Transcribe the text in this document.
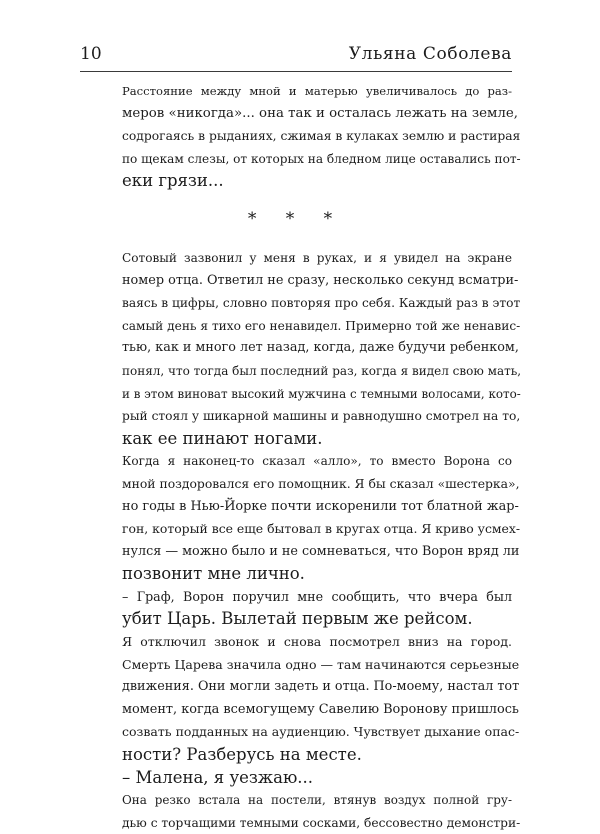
10	Ульяна Соболева

Расстояние между мной и матерью увеличивалось до раз-
меров «никогда»... она так и осталась лежать на земле,
содрогаясь в рыданиях, сжимая в кулаках землю и растирая
по щекам слезы, от которых на бледном лице оставались пот-
еки грязи...

* * *

Сотовый зазвонил у меня в руках, и я увидел на экране
номер отца. Ответил не сразу, несколько секунд всматри-
ваясь в цифры, словно повторяя про себя. Каждый раз в этот
самый день я тихо его ненавидел. Примерно той же ненавис-
тью, как и много лет назад, когда, даже будучи ребенком,
понял, что тогда был последний раз, когда я видел свою мать,
и в этом виноват высокий мужчина с темными волосами, кото-
рый стоял у шикарной машины и равнодушно смотрел на то,
как ее пинают ногами.

Когда я наконец-то сказал «алло», то вместо Ворона со
мной поздоровался его помощник. Я бы сказал «шестерка»,
но годы в Нью-Йорке почти искоренили тот блатной жар-
гон, который все еще бытовал в кругах отца. Я криво усмех-
нулся — можно было и не сомневаться, что Ворон вряд ли
позвонит мне лично.

– Граф, Ворон поручил мне сообщить, что вчера был
убит Царь. Вылетай первым же рейсом.

Я отключил звонок и снова посмотрел вниз на город.
Смерть Царева значила одно — там начинаются серьезные
движения. Они могли задеть и отца. По-моему, настал тот
момент, когда всемогущему Савелию Воронову пришлось
созвать подданных на аудиенцию. Чувствует дыхание опас-
ности? Разберусь на месте.

– Малена, я уезжаю...

Она резко встала на постели, втянув воздух полной гру-
дью с торчащими темными сосками, бессовестно демонстри-
